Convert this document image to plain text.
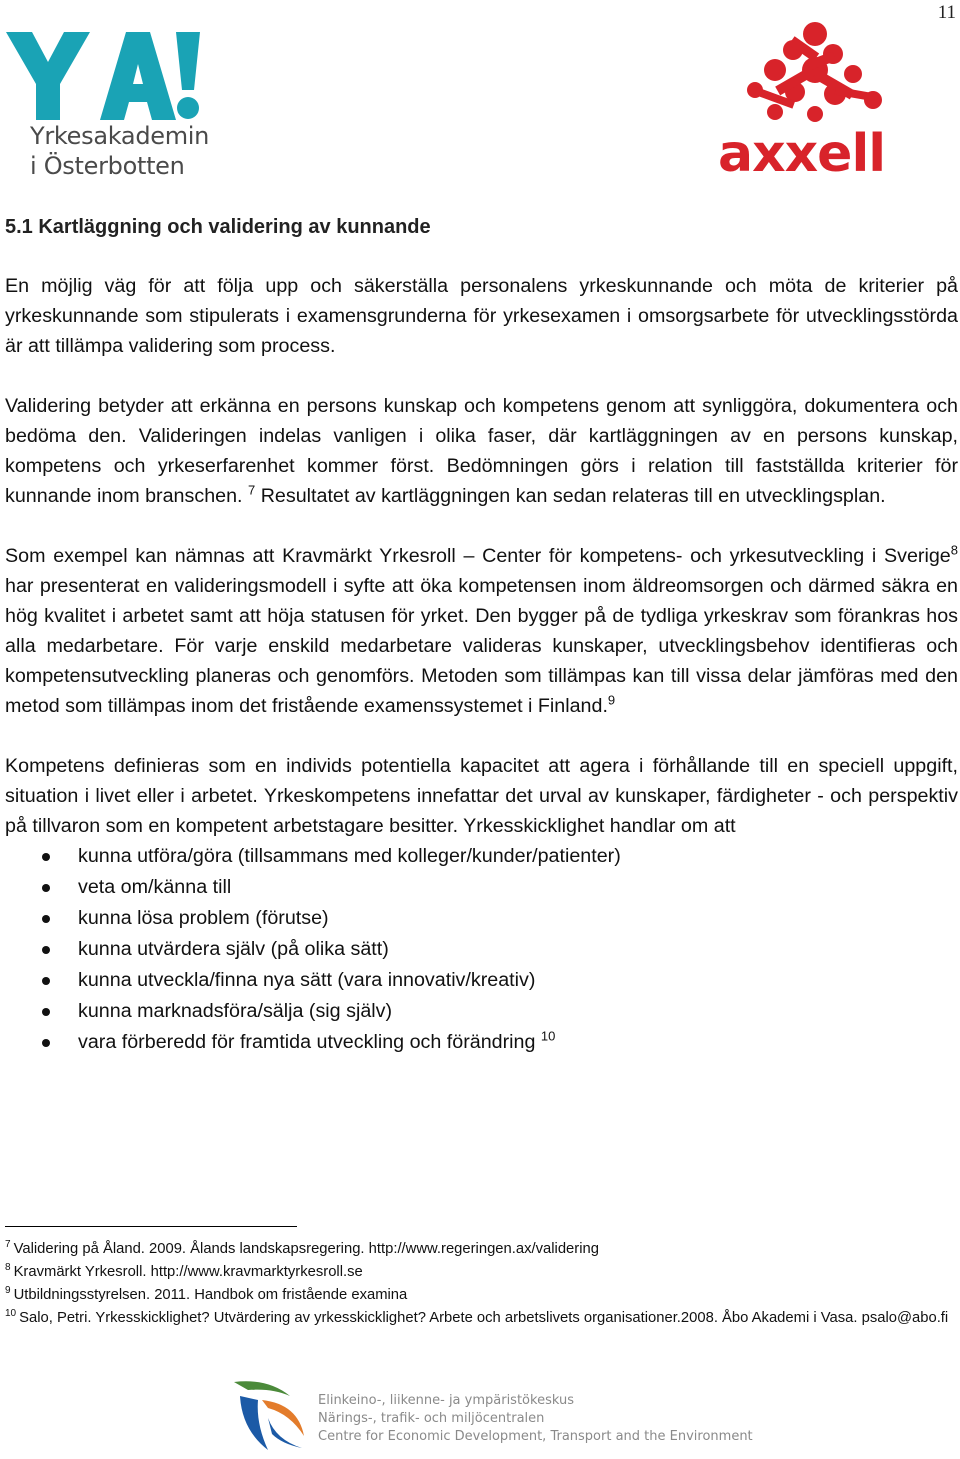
11
Yrkesakademin
i Österbotten	axxell
5.1 Kartläggning och validering av kunnande

En möjlig väg för att följa upp och säkerställa personalens yrkeskunnande och möta de kriterier på yrkeskunnande som stipulerats i examensgrunderna för yrkesexamen i omsorgsarbete för utvecklingsstörda är att tillämpa validering som process.

Validering betyder att erkänna en persons kunskap och kompetens genom att synliggöra, dokumentera och bedöma den. Valideringen indelas vanligen i olika faser, där kartläggningen av en persons kunskap, kompetens och yrkeserfarenhet kommer först. Bedömningen görs i relation till fastställda kriterier för kunnande inom branschen. $^7$ Resultatet av kartläggningen kan sedan relateras till en utvecklingsplan.

Som exempel kan nämnas att Kravmärkt Yrkesroll – Center för kompetens- och yrkesutveckling i Sverige$^8$ har presenterat en valideringsmodell i syfte att öka kompetensen inom äldreomsorgen och därmed säkra en hög kvalitet i arbetet samt att höja statusen för yrket. Den bygger på de tydliga yrkeskrav som förankras hos alla medarbetare. För varje enskild medarbetare valideras kunskaper, utvecklingsbehov identifieras och kompetensutveckling planeras och genomförs. Metoden som tillämpas kan till vissa delar jämföras med den metod som tillämpas inom det fristående examenssystemet i Finland.$^9$

Kompetens definieras som en individs potentiella kapacitet att agera i förhållande till en speciell uppgift, situation i livet eller i arbetet. Yrkeskompetens innefattar det urval av kunskaper, färdigheter - och perspektiv på tillvaron som en kompetent arbetstagare besitter. Yrkesskicklighet handlar om att

kunna utföra/göra (tillsammans med kolleger/kunder/patienter)
veta om/känna till
kunna lösa problem (förutse)
kunna utvärdera själv (på olika sätt)
kunna utveckla/finna nya sätt (vara innovativ/kreativ)
kunna marknadsföra/sälja (sig själv)
vara förberedd för framtida utveckling och förändring $^{10}$

$^7$ Validering på Åland. 2009. Ålands landskapsregering. http://www.regeringen.ax/validering

$^8$ Kravmärkt Yrkesroll. http://www.kravmarktyrkesroll.se

$^9$ Utbildningsstyrelsen. 2011. Handbok om fristående examina

$^{10}$ Salo, Petri. Yrkesskicklighet? Utvärdering av yrkesskicklighet? Arbete och arbetslivets organisationer.2008. Åbo Akademi i Vasa. psalo@abo.fi

Elinkeino-, liikenne- ja ympäristökeskus
Närings-, trafik- och miljöcentralen
Centre for Economic Development, Transport and the Environment
